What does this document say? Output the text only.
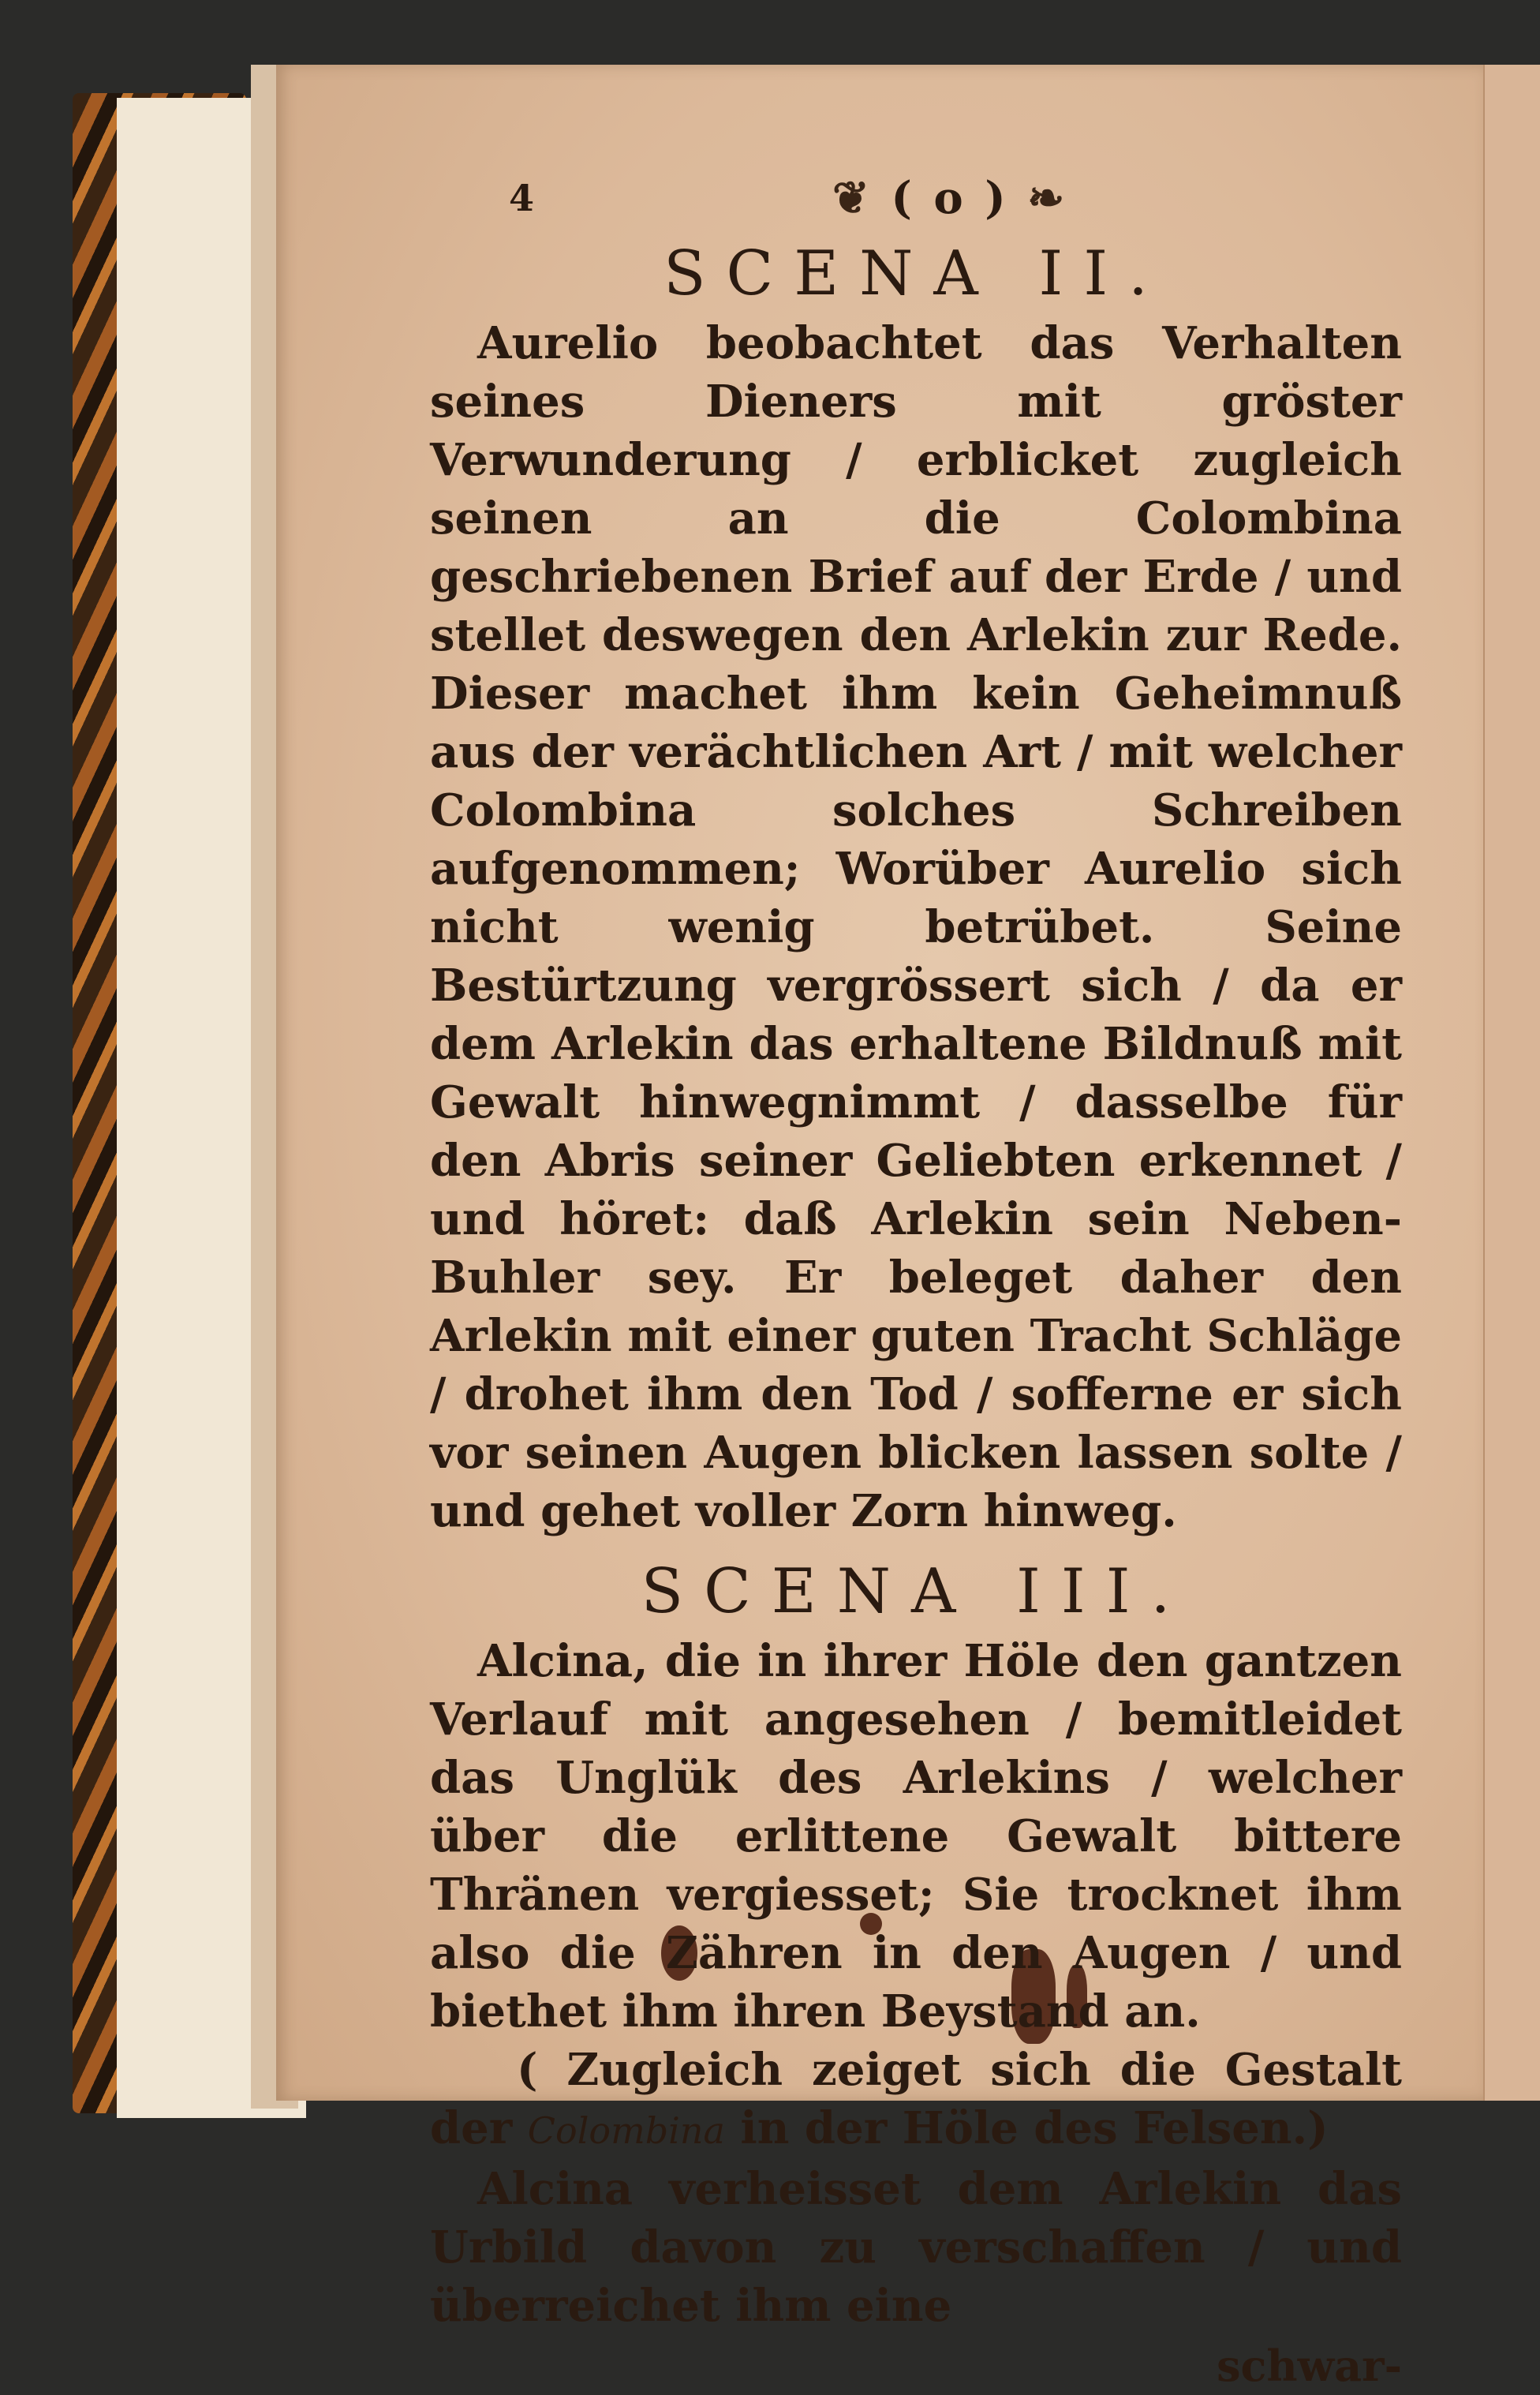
4	❦ ( o ) ❧
SCENA II.

Aurelio beobachtet das Verhalten seines Dieners mit gröster Verwunderung / erblicket zugleich seinen an die Colombina geschriebenen Brief auf der Erde / und stellet deswegen den Arlekin zur Rede. Dieser machet ihm kein Geheimnuß aus der verächtlichen Art / mit welcher Colombina solches Schreiben aufgenommen; Worüber Aurelio sich nicht wenig betrübet. Seine Bestürtzung vergrössert sich / da er dem Arlekin das erhaltene Bildnuß mit Gewalt hinwegnimmt / dasselbe für den Abris seiner Geliebten erkennet / und höret: daß Arlekin sein Neben-Buhler sey. Er beleget daher den Arlekin mit einer guten Tracht Schläge / drohet ihm den Tod / sofferne er sich vor seinen Augen blicken lassen solte / und gehet voller Zorn hinweg.

SCENA III.

Alcina, die in ihrer Höle den gantzen Verlauf mit angesehen / bemitleidet das Unglük des Arlekins / welcher über die erlittene Gewalt bittere Thränen vergiesset; Sie trocknet ihm also die Zähren in den Augen / und biethet ihm ihren Beystand an.

( Zugleich zeiget sich die Gestalt der Colombina in der Höle des Felsen.)

Alcina verheisset dem Arlekin das Urbild davon zu verschaffen / und überreichet ihm eine

schwar-
